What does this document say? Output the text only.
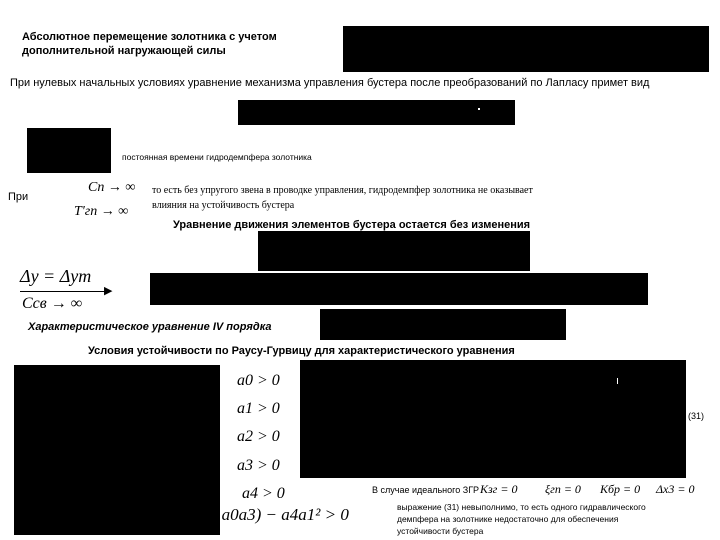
Абсолютное перемещение золотника с учетом
дополнительной нагружающей силы
При нулевых начальных условиях уравнение механизма управления бустера после преобразований по Лапласу примет вид
постоянная времени гидродемпфера золотника
При
Cп → ∞
T'гп → ∞
то есть без упругого звена в проводке управления, гидродемпфер золотника не оказывает
влияния на устойчивость бустера
Уравнение движения элементов бустера остается без изменения
Δy = Δym
▶
Cсв → ∞
Характеристическое уравнение IV порядка
Условия устойчивости по Раусу-Гурвицу для характеристического уравнения
a0 > 0
a1 > 0
a2 > 0
a3 > 0
a4 > 0
a3(a1a2 − a0a3) − a4a1² > 0
(31)
В случае идеального ЗГР Kзг = 0 ξгп = 0 Kбр = 0 Δx3 = 0
выражение (31) невыполнимо, то есть одного гидравлического
демпфера на золотнике недостаточно для обеспечения
устойчивости бустера
